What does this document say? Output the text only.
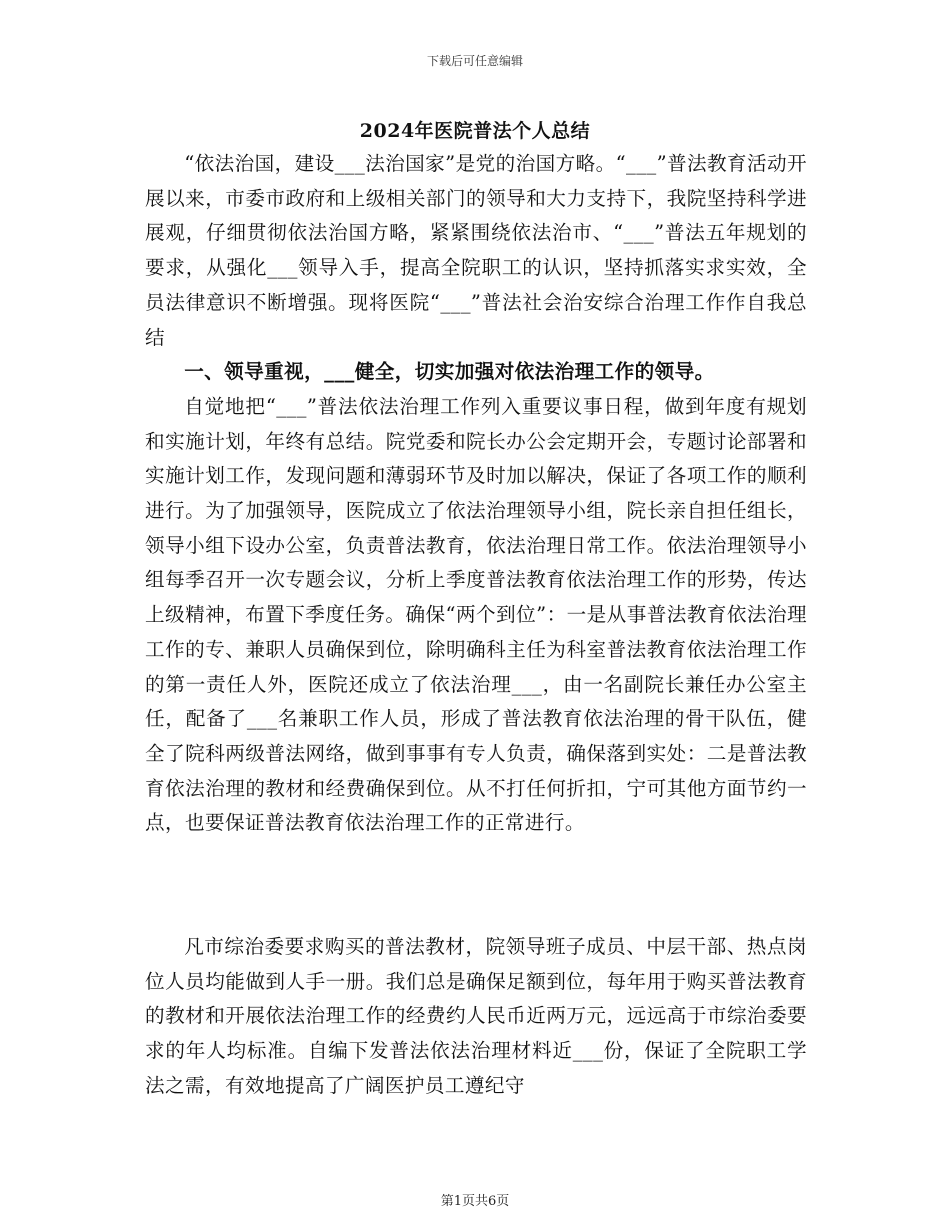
下载后可任意编辑
2024年医院普法个人总结

“依法治国，建设___法治国家”是党的治国方略。“___”普法教育活动开展以来，市委市政府和上级相关部门的领导和大力支持下，我院坚持科学进展观，仔细贯彻依法治国方略，紧紧围绕依法治市、“___”普法五年规划的要求，从强化___领导入手，提高全院职工的认识，坚持抓落实求实效，全员法律意识不断增强。现将医院“___”普法社会治安综合治理工作作自我总结

一、领导重视，___健全，切实加强对依法治理工作的领导。

自觉地把“___”普法依法治理工作列入重要议事日程，做到年度有规划和实施计划，年终有总结。院党委和院长办公会定期开会，专题讨论部署和实施计划工作，发现问题和薄弱环节及时加以解决，保证了各项工作的顺利进行。为了加强领导，医院成立了依法治理领导小组，院长亲自担任组长，领导小组下设办公室，负责普法教育，依法治理日常工作。依法治理领导小组每季召开一次专题会议，分析上季度普法教育依法治理工作的形势，传达上级精神，布置下季度任务。确保“两个到位”：一是从事普法教育依法治理工作的专、兼职人员确保到位，除明确科主任为科室普法教育依法治理工作的第一责任人外，医院还成立了依法治理___，由一名副院长兼任办公室主任，配备了___名兼职工作人员，形成了普法教育依法治理的骨干队伍，健全了院科两级普法网络，做到事事有专人负责，确保落到实处：二是普法教育依法治理的教材和经费确保到位。从不打任何折扣，宁可其他方面节约一点，也要保证普法教育依法治理工作的正常进行。

凡市综治委要求购买的普法教材，院领导班子成员、中层干部、热点岗位人员均能做到人手一册。我们总是确保足额到位，每年用于购买普法教育的教材和开展依法治理工作的经费约人民币近两万元，远远高于市综治委要求的年人均标准。自编下发普法依法治理材料近___份，保证了全院职工学法之需，有效地提高了广阔医护员工遵纪守

第1页共6页
